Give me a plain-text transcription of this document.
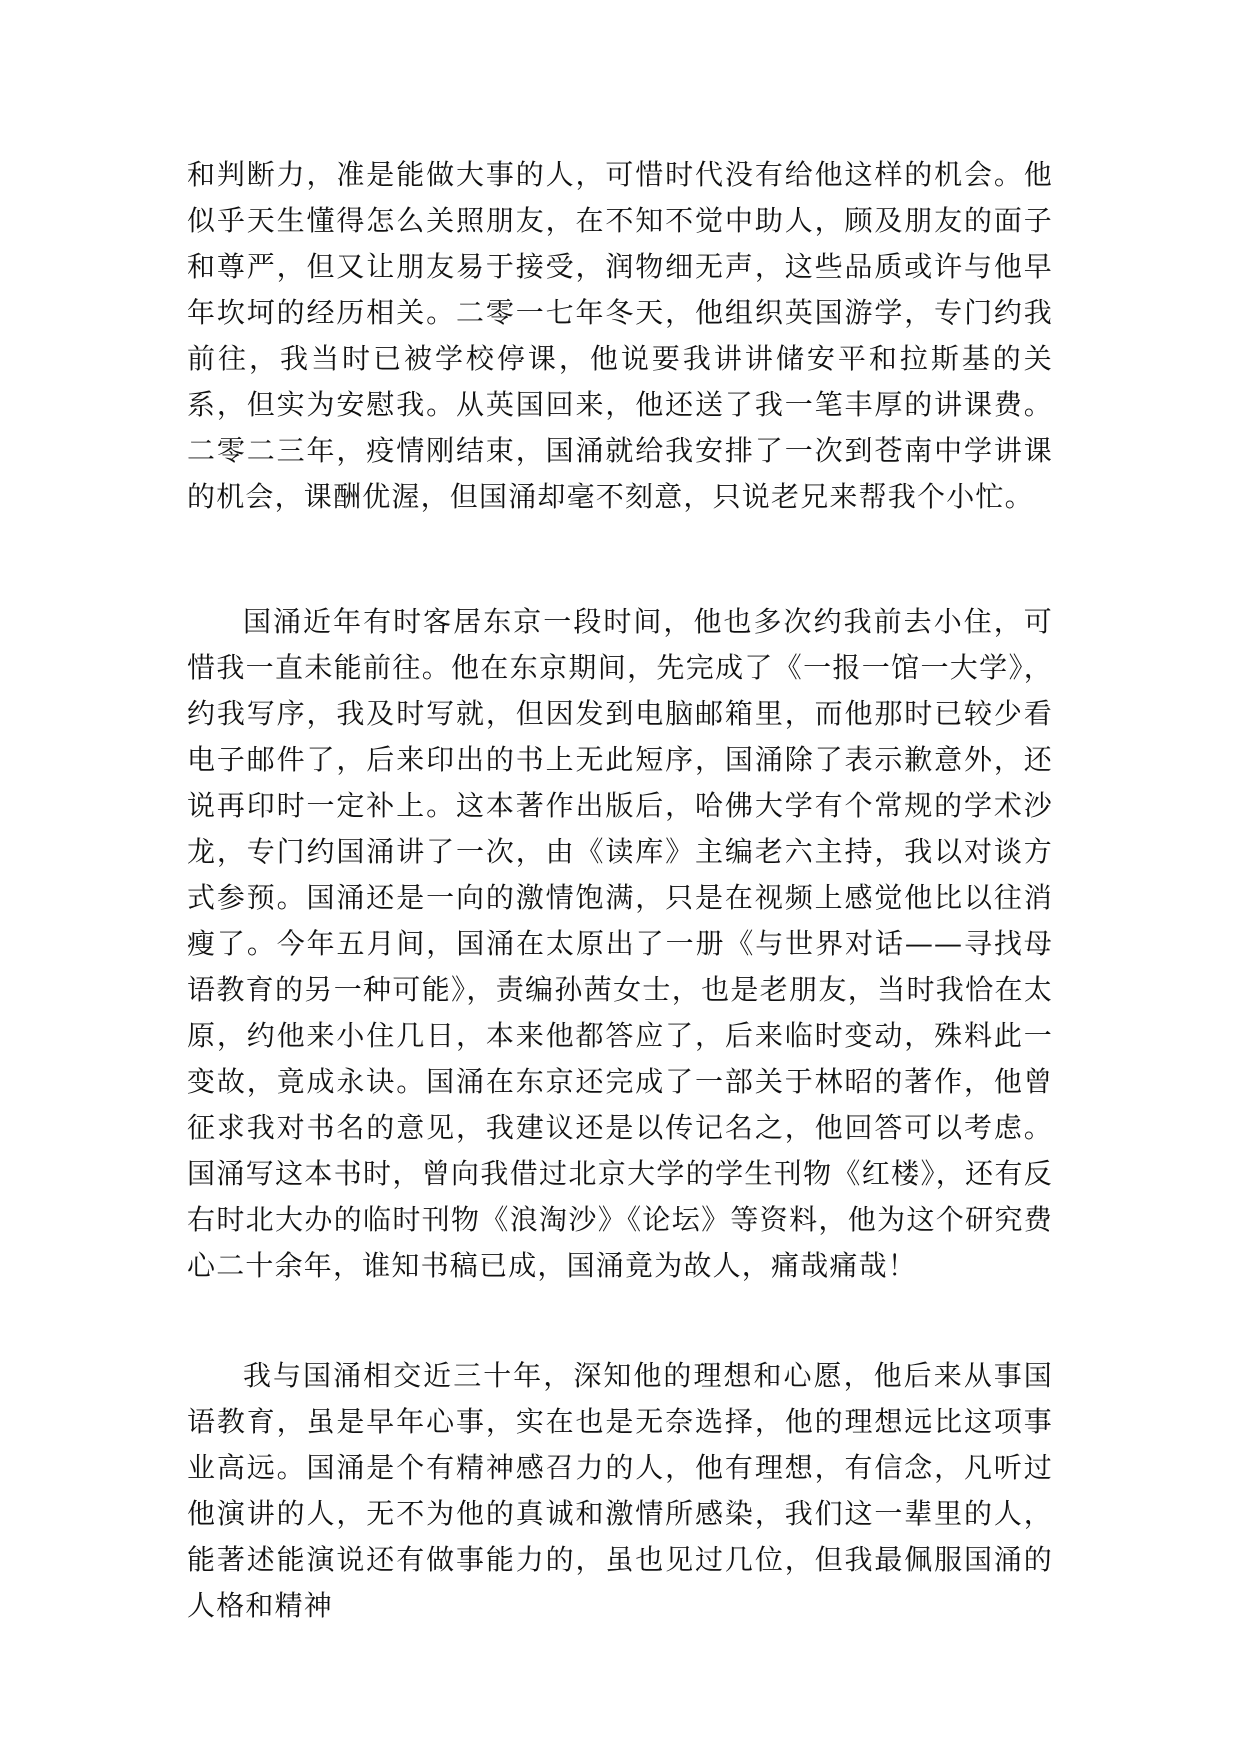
和判断力，准是能做大事的人，可惜时代没有给他这样的机会。他似乎天生懂得怎么关照朋友，在不知不觉中助人，顾及朋友的面子和尊严，但又让朋友易于接受，润物细无声，这些品质或许与他早年坎坷的经历相关。二零一七年冬天，他组织英国游学，专门约我前往，我当时已被学校停课，他说要我讲讲储安平和拉斯基的关系，但实为安慰我。从英国回来，他还送了我一笔丰厚的讲课费。二零二三年，疫情刚结束，国涌就给我安排了一次到苍南中学讲课的机会，课酬优渥，但国涌却毫不刻意，只说老兄来帮我个小忙。

国涌近年有时客居东京一段时间，他也多次约我前去小住，可惜我一直未能前往。他在东京期间，先完成了《一报一馆一大学》，约我写序，我及时写就，但因发到电脑邮箱里，而他那时已较少看电子邮件了，后来印出的书上无此短序，国涌除了表示歉意外，还说再印时一定补上。这本著作出版后，哈佛大学有个常规的学术沙龙，专门约国涌讲了一次，由《读库》主编老六主持，我以对谈方式参预。国涌还是一向的激情饱满，只是在视频上感觉他比以往消瘦了。今年五月间，国涌在太原出了一册《与世界对话——寻找母语教育的另一种可能》，责编孙茜女士，也是老朋友，当时我恰在太原，约他来小住几日，本来他都答应了，后来临时变动，殊料此一变故，竟成永诀。国涌在东京还完成了一部关于林昭的著作，他曾征求我对书名的意见，我建议还是以传记名之，他回答可以考虑。国涌写这本书时，曾向我借过北京大学的学生刊物《红楼》，还有反右时北大办的临时刊物《浪淘沙》《论坛》等资料，他为这个研究费心二十余年，谁知书稿已成，国涌竟为故人，痛哉痛哉！

我与国涌相交近三十年，深知他的理想和心愿，他后来从事国语教育，虽是早年心事，实在也是无奈选择，他的理想远比这项事业高远。国涌是个有精神感召力的人，他有理想，有信念，凡听过他演讲的人，无不为他的真诚和激情所感染，我们这一辈里的人，能著述能演说还有做事能力的，虽也见过几位，但我最佩服国涌的人格和精神
